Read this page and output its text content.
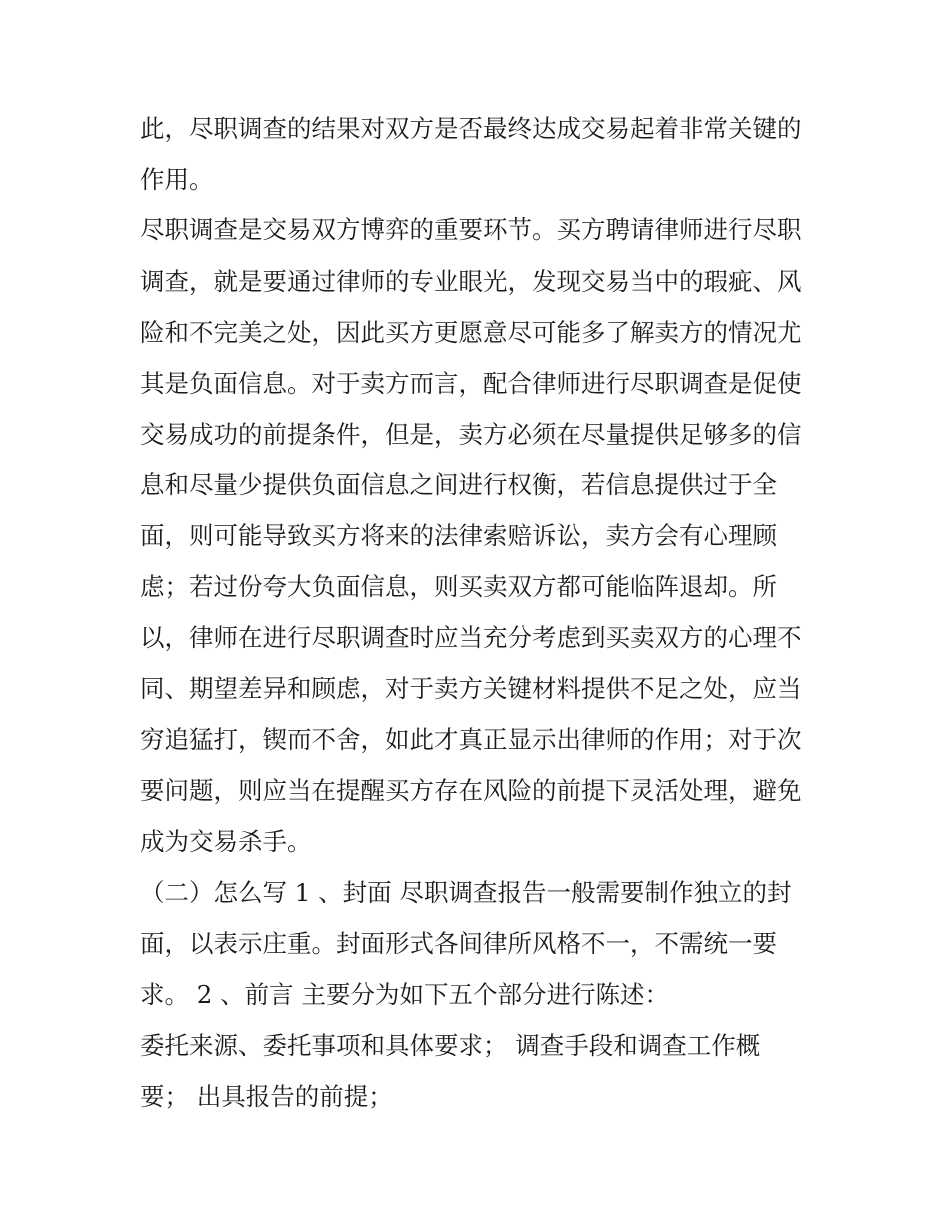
此，尽职调查的结果对双方是否最终达成交易起着非常关键的
作用。
尽职调查是交易双方博弈的重要环节。买方聘请律师进行尽职
调查，就是要通过律师的专业眼光，发现交易当中的瑕疵、风
险和不完美之处，因此买方更愿意尽可能多了解卖方的情况尤
其是负面信息。对于卖方而言，配合律师进行尽职调查是促使
交易成功的前提条件，但是，卖方必须在尽量提供足够多的信
息和尽量少提供负面信息之间进行权衡，若信息提供过于全
面，则可能导致买方将来的法律索赔诉讼，卖方会有心理顾
虑；若过份夸大负面信息，则买卖双方都可能临阵退却。所
以，律师在进行尽职调查时应当充分考虑到买卖双方的心理不
同、期望差异和顾虑，对于卖方关键材料提供不足之处，应当
穷追猛打，锲而不舍，如此才真正显示出律师的作用；对于次
要问题，则应当在提醒买方存在风险的前提下灵活处理，避免
成为交易杀手。
（二）怎么写 1 、封面 尽职调查报告一般需要制作独立的封
面，以表示庄重。封面形式各间律所风格不一，不需统一要
求。 2 、前言 主要分为如下五个部分进行陈述：
委托来源、委托事项和具体要求； 调查手段和调查工作概
要； 出具报告的前提；
